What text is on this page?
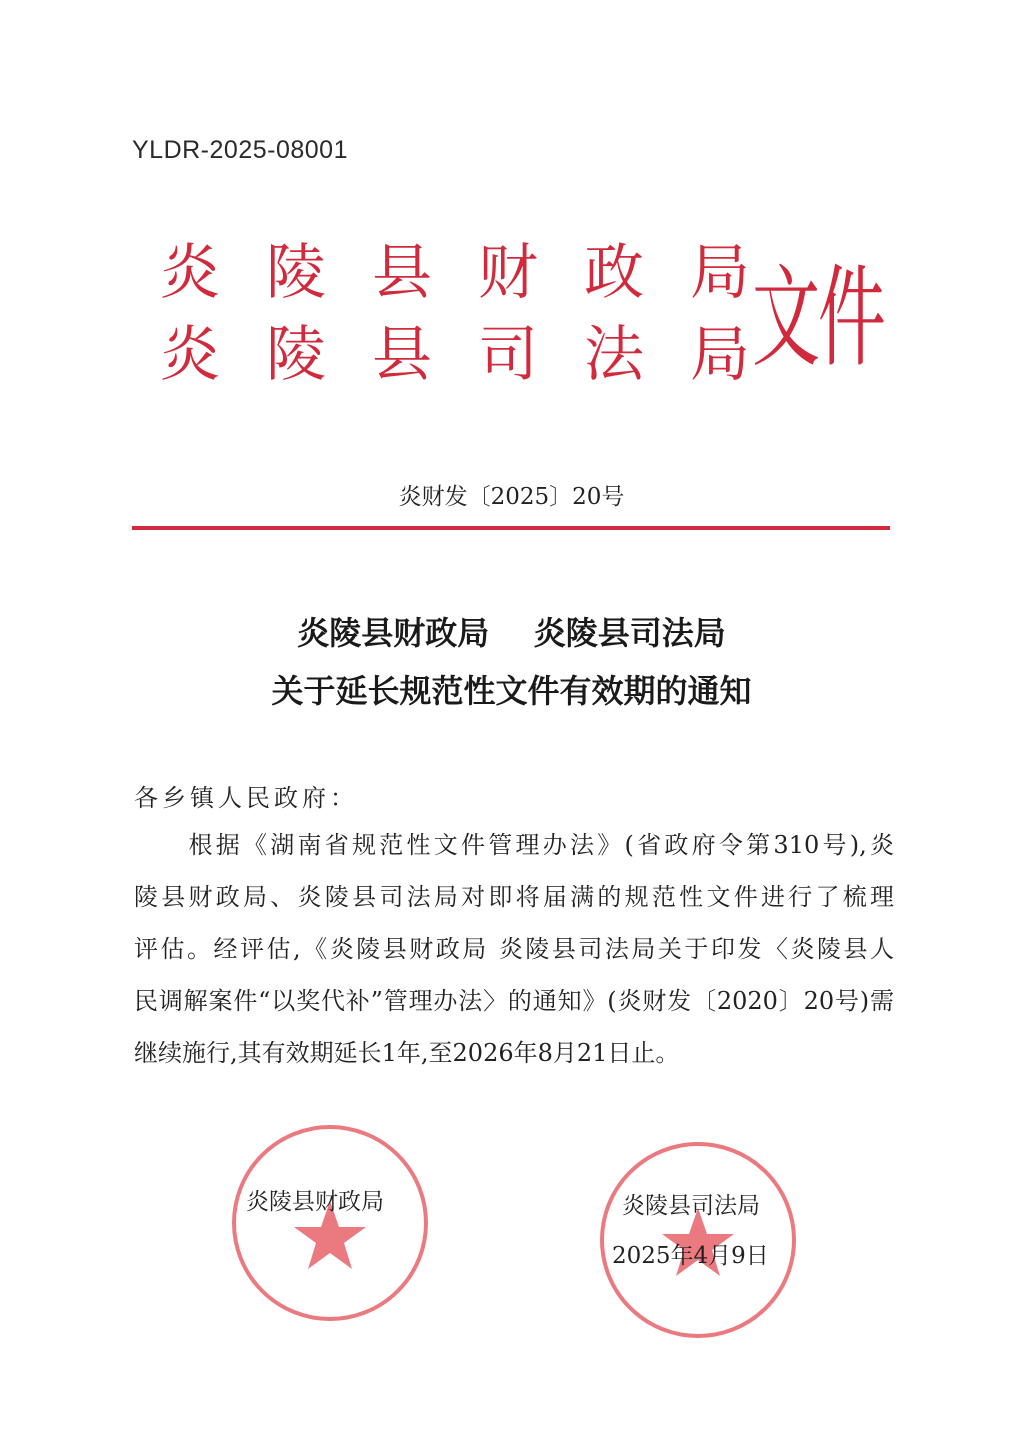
YLDR-2025-08001
炎陵县财政局
炎陵县司法局
文件
炎财发〔2025〕20号
炎陵县财政局    炎陵县司法局
关于延长规范性文件有效期的通知
各乡镇人民政府：
　　根据《湖南省规范性文件管理办法》(省政府令第310号),炎
陵县财政局、炎陵县司法局对即将届满的规范性文件进行了梳理
评估。经评估,《炎陵县财政局 炎陵县司法局关于印发〈炎陵县人
民调解案件“以奖代补”管理办法〉的通知》(炎财发〔2020〕20号)需
继续施行,其有效期延长1年,至2026年8月21日止。
炎陵县财政局	炎陵县司法局
2025年4月9日
